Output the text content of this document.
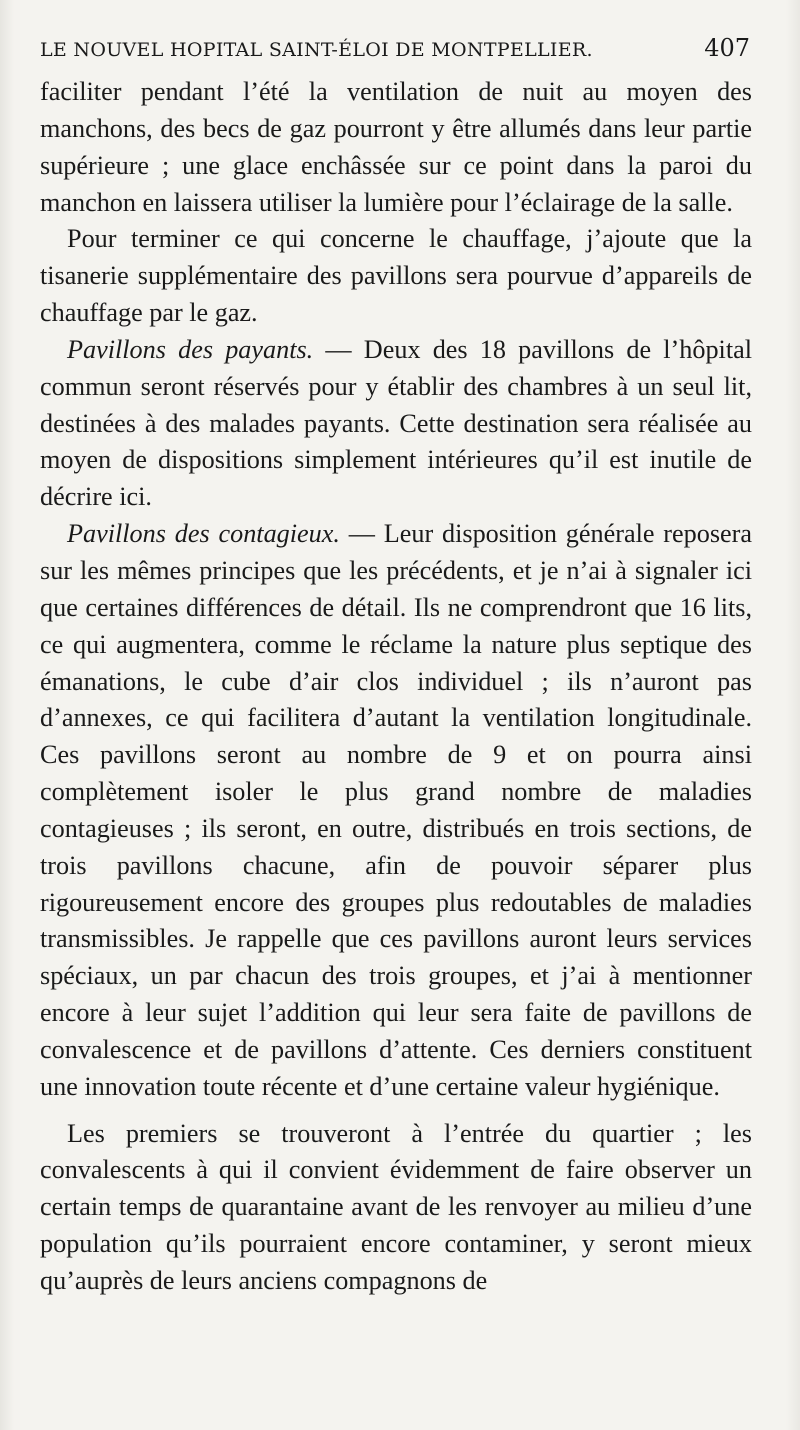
LE NOUVEL HOPITAL SAINT-ÉLOI DE MONTPELLIER.	407

faciliter pendant l’été la ventilation de nuit au moyen des manchons, des becs de gaz pourront y être allumés dans leur partie supérieure ; une glace enchâssée sur ce point dans la paroi du manchon en laissera utiliser la lumière pour l’éclairage de la salle.

Pour terminer ce qui concerne le chauffage, j’ajoute que la tisanerie supplémentaire des pavillons sera pourvue d’appareils de chauffage par le gaz.

Pavillons des payants. — Deux des 18 pavillons de l’hôpital commun seront réservés pour y établir des chambres à un seul lit, destinées à des malades payants. Cette destination sera réalisée au moyen de dispositions simplement intérieures qu’il est inutile de décrire ici.

Pavillons des contagieux. — Leur disposition générale reposera sur les mêmes principes que les précédents, et je n’ai à signaler ici que certaines différences de détail. Ils ne comprendront que 16 lits, ce qui augmentera, comme le réclame la nature plus septique des émanations, le cube d’air clos individuel ; ils n’auront pas d’annexes, ce qui facilitera d’autant la ventilation longitudinale. Ces pavillons seront au nombre de 9 et on pourra ainsi complètement isoler le plus grand nombre de maladies contagieuses ; ils seront, en outre, distribués en trois sections, de trois pavillons chacune, afin de pouvoir séparer plus rigoureusement encore des groupes plus redoutables de maladies transmissibles. Je rappelle que ces pavillons auront leurs services spéciaux, un par chacun des trois groupes, et j’ai à mentionner encore à leur sujet l’addition qui leur sera faite de pavillons de convalescence et de pavillons d’attente. Ces derniers constituent une innovation toute récente et d’une certaine valeur hygiénique.

Les premiers se trouveront à l’entrée du quartier ; les convalescents à qui il convient évidemment de faire observer un certain temps de quarantaine avant de les renvoyer au milieu d’une population qu’ils pourraient encore contaminer, y seront mieux qu’auprès de leurs anciens compagnons de
